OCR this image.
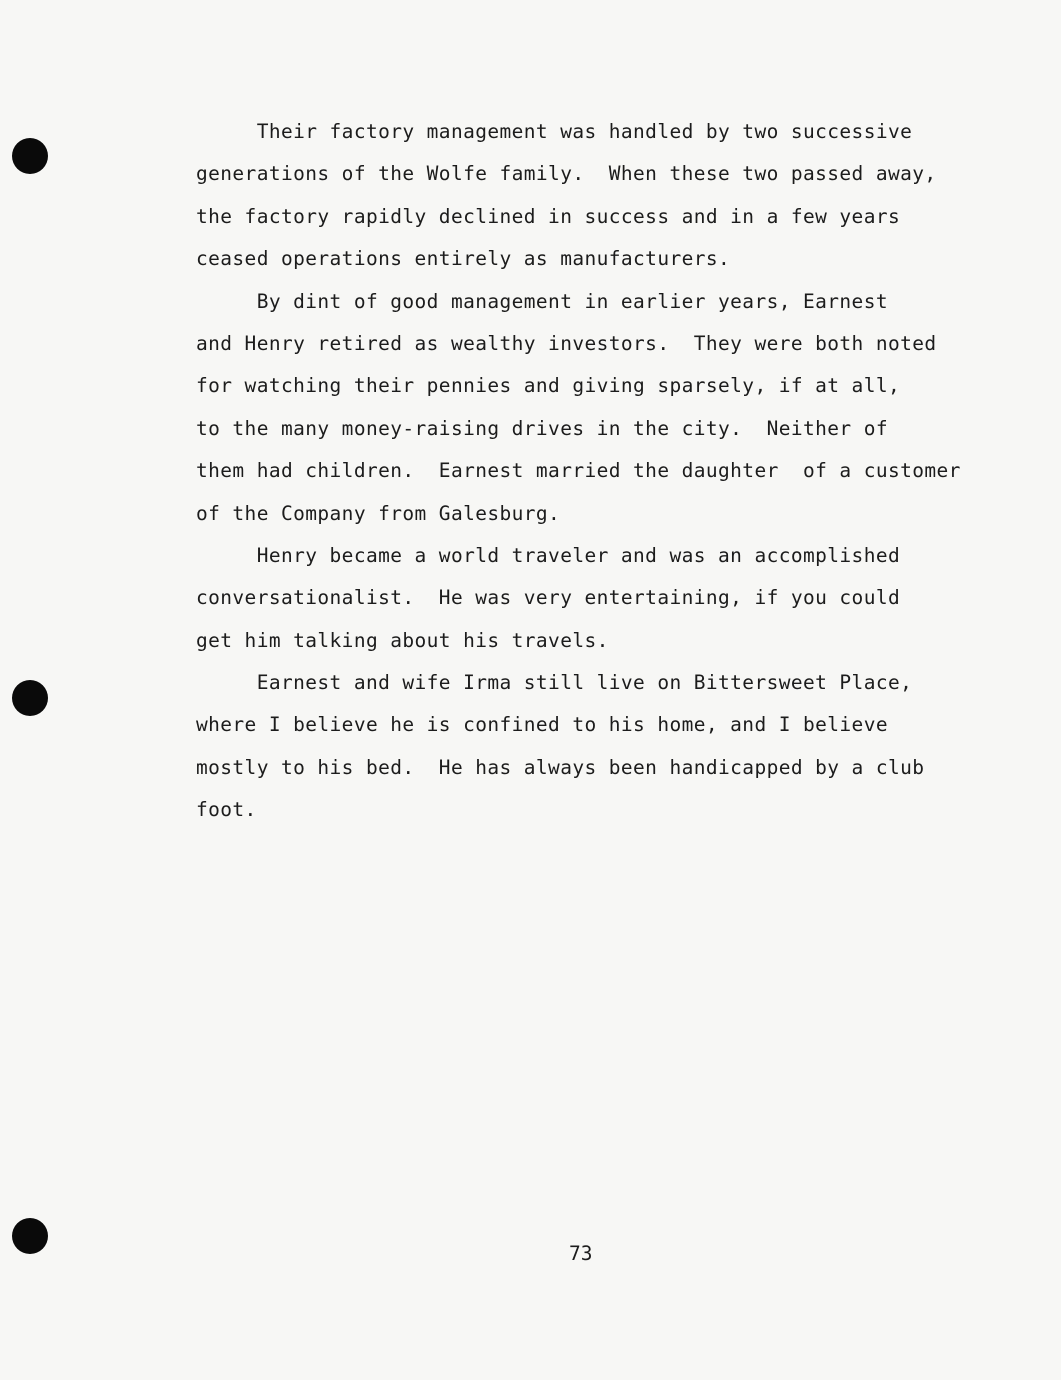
Their factory management was handled by two successive
generations of the Wolfe family.  When these two passed away,
the factory rapidly declined in success and in a few years
ceased operations entirely as manufacturers.
By dint of good management in earlier years, Earnest
and Henry retired as wealthy investors.  They were both noted
for watching their pennies and giving sparsely, if at all,
to the many money-raising drives in the city.  Neither of
them had children.  Earnest married the daughter  of a customer
of the Company from Galesburg.
Henry became a world traveler and was an accomplished
conversationalist.  He was very entertaining, if you could
get him talking about his travels.
Earnest and wife Irma still live on Bittersweet Place,
where I believe he is confined to his home, and I believe
mostly to his bed.  He has always been handicapped by a club
foot.
73
